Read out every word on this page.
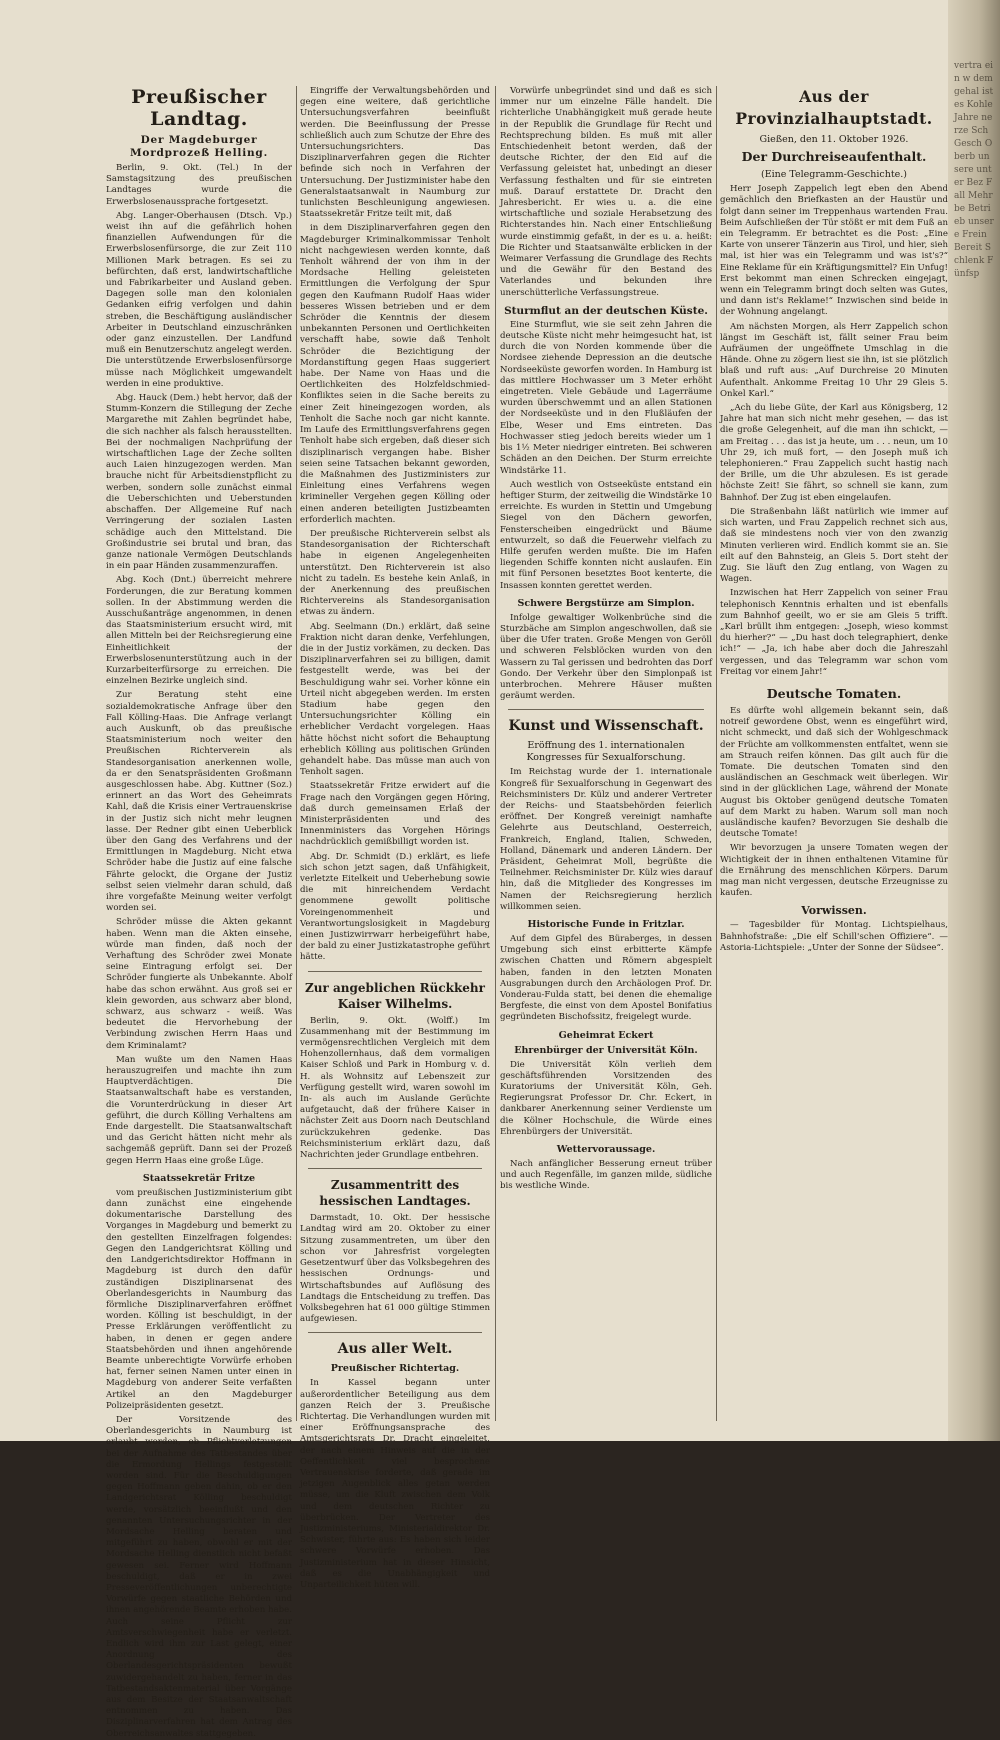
vertra ein w dem gehal ist es Kohle Jahre nerze Sch Gesch Oberb unsere unter Bez Fall Mehrbe Betrieb unsere Frein Bereit Schlenk Fünfsp
Preußischer Landtag.
Der Magdeburger Mordprozeß Helling.

Berlin, 9. Okt. (Tel.) In der Samstagsitzung des preußischen Landtages wurde die Erwerbslosenaussprache fortgesetzt.

Abg. Langer-Oberhausen (Dtsch. Vp.) weist ihn auf die gefährlich hohen finanziellen Aufwendungen für die Erwerbslosenfürsorge, die zur Zeit 110 Millionen Mark betragen. Es sei zu befürchten, daß erst, landwirtschaftliche und Fabrikarbeiter und Ausland geben. Dagegen solle man den kolonialen Gedanken eifrig verfolgen und dahin streben, die Beschäftigung ausländischer Arbeiter in Deutschland einzuschränken oder ganz einzustellen. Der Landfund muß ein Benutzerschutz angelegt werden. Die unterstützende Erwerbslosenfürsorge müsse nach Möglichkeit umgewandelt werden in eine produktive.

Abg. Hauck (Dem.) hebt hervor, daß der Stumm-Konzern die Stillegung der Zeche Margarethe mit Zahlen begründet habe, die sich nachher als falsch herausstellten. Bei der nochmaligen Nachprüfung der wirtschaftlichen Lage der Zeche sollten auch Laien hinzugezogen werden. Man brauche nicht für Arbeitsdienstpflicht zu werben, sondern solle zunächst einmal die Ueberschichten und Ueberstunden abschaffen. Der Allgemeine Ruf nach Verringerung der sozialen Lasten schädige auch den Mittelstand. Die Großindustrie sei brutal und bran, das ganze nationale Vermögen Deutschlands in ein paar Händen zusammenzuraffen.

Abg. Koch (Dnt.) überreicht mehrere Forderungen, die zur Beratung kommen sollen. In der Abstimmung werden die Ausschußanträge angenommen, in denen das Staatsministerium ersucht wird, mit allen Mitteln bei der Reichsregierung eine Einheitlichkeit der Erwerbslosenunterstützung auch in der Kurzarbeiterfürsorge zu erreichen. Die einzelnen Bezirke ungleich sind.

Zur Beratung steht eine sozialdemokratische Anfrage über den Fall Kölling-Haas. Die Anfrage verlangt auch Auskunft, ob das preußische Staatsministerium noch weiter den Preußischen Richterverein als Standesorganisation anerkennen wolle, da er den Senatspräsidenten Großmann ausgeschlossen habe. Abg. Kuttner (Soz.) erinnert an das Wort des Geheimrats Kahl, daß die Krisis einer Vertrauenskrise in der Justiz sich nicht mehr leugnen lasse. Der Redner gibt einen Ueberblick über den Gang des Verfahrens und der Ermittlungen in Magdeburg. Nicht etwa Schröder habe die Justiz auf eine falsche Fährte gelockt, die Organe der Justiz selbst seien vielmehr daran schuld, daß ihre vorgefaßte Meinung weiter verfolgt worden sei.

Schröder müsse die Akten gekannt haben. Wenn man die Akten einsehe, würde man finden, daß noch der Verhaftung des Schröder zwei Monate seine Eintragung erfolgt sei. Der Schröder fungierte als Unbekannte. Abolf habe das schon erwähnt. Aus groß sei er klein geworden, aus schwarz aber blond, schwarz, aus schwarz - weiß. Was bedeutet die Hervorhebung der Verbindung zwischen Herrn Haas und dem Kriminalamt?

Man wußte um den Namen Haas herauszugreifen und machte ihn zum Hauptverdächtigen. Die Staatsanwaltschaft habe es verstanden, die Vorunterdrückung in dieser Art geführt, die durch Kölling Verhaltens am Ende dargestellt. Die Staatsanwaltschaft und das Gericht hätten nicht mehr als sachgemäß geprüft. Dann sei der Prozeß gegen Herrn Haas eine große Lüge.

Staatssekretär Fritze

vom preußischen Justizministerium gibt dann zunächst eine eingehende dokumentarische Darstellung des Vorganges in Magdeburg und bemerkt zu den gestellten Einzelfragen folgendes: Gegen den Landgerichtsrat Kölling und den Landgerichtsdirektor Hoffmann in Magdeburg ist durch den dafür zuständigen Disziplinarsenat des Oberlandesgerichts in Naumburg das förmliche Disziplinarverfahren eröffnet worden. Kölling ist beschuldigt, in der Presse Erklärungen veröffentlicht zu haben, in denen er gegen andere Staatsbehörden und ihnen angehörende Beamte unberechtigte Vorwürfe erhoben hat, ferner seinen Namen unter einen in Magdeburg von anderer Seite verfaßten Artikel an den Magdeburger Polizeipräsidenten gesetzt.

Der Vorsitzende des Oberlandesgerichts in Naumburg ist erlaubt worden, ob Pflichtverletzungen bei der Aufnahme des Tatbestandes über die Ermordung Hellings festgestellt worden sind. Für die Beschuldigungen gegen Hoffmann geben dahin, ob er den Landgerichtsrat Kölling beschuldigt werde, vorsätzlich beeinflußt und den genannten Untersuchungsrichter in der Mordsache Helling beraten und mitgeführt zu haben, obwohl er mit der Mordsache Helling dienstlich nicht befaßt gewesen sei. Ferner wird Hoffmann beschuldigt, daß er in zwei Presseveröffentlichungen unberechtigte Vorwürfe gegen staatliche Behörden und ihnen angehörende Beamte erhoben habe. Auch seine Pflicht zur Amtsverschwiegenheit habe er verletzt. Endlich wird ihm zur Last gelegt, einer Anordnung des Oberlandesgerichtspräsidenten bewußt zuwidergehandelt zu haben, ferner in das Tatbestandsaktenmaterial über Vorgänge aus dem Besitze der Staatsanwaltschaft entnommen zu haben. Das Disziplinarverfahren hat dem Antrag des Oberreichsanwaltes stattgegeben.

Eingriffe der Verwaltungsbehörden und gegen eine weitere, daß gerichtliche Untersuchungsverfahren beeinflußt werden. Die Beeinflussung der Presse schließlich auch zum Schutze der Ehre des Untersuchungsrichters. Das Disziplinarverfahren gegen die Richter befinde sich noch in Verfahren der Untersuchung. Der Justizminister habe den Generalstaatsanwalt in Naumburg zur tunlichsten Beschleunigung angewiesen. Staatssekretär Fritze teilt mit, daß

in dem Disziplinarverfahren gegen den Magdeburger Kriminalkommissar Tenholt nicht nachgewiesen werden konnte, daß Tenholt während der von ihm in der Mordsache Helling geleisteten Ermittlungen die Verfolgung der Spur gegen den Kaufmann Rudolf Haas wider besseres Wissen betrieben und er dem Schröder die Kenntnis der diesem unbekannten Personen und Oertlichkeiten verschafft habe, sowie daß Tenholt Schröder die Bezichtigung der Mordanstiftung gegen Haas suggeriert habe. Der Name von Haas und die Oertlichkeiten des Holzfeldschmied-Konfliktes seien in die Sache bereits zu einer Zeit hineingezogen worden, als Tenholt die Sache noch gar nicht kannte. Im Laufe des Ermittlungsverfahrens gegen Tenholt habe sich ergeben, daß dieser sich disziplinarisch vergangen habe. Bisher seien seine Tatsachen bekannt geworden, die Maßnahmen des Justizministers zur Einleitung eines Verfahrens wegen krimineller Vergehen gegen Kölling oder einen anderen beteiligten Justizbeamten erforderlich machten.

Der preußische Richterverein selbst als Standesorganisation der Richterschaft habe in eigenen Angelegenheiten unterstützt. Den Richterverein ist also nicht zu tadeln. Es bestehe kein Anlaß, in der Anerkennung des preußischen Richtervereins als Standesorganisation etwas zu ändern.

Abg. Seelmann (Dn.) erklärt, daß seine Fraktion nicht daran denke, Verfehlungen, die in der Justiz vorkämen, zu decken. Das Disziplinarverfahren sei zu billigen, damit festgestellt werde, was bei der Beschuldigung wahr sei. Vorher könne ein Urteil nicht abgegeben werden. Im ersten Stadium habe gegen den Untersuchungsrichter Kölling ein erheblicher Verdacht vorgelegen. Haas hätte höchst nicht sofort die Behauptung erheblich Kölling aus politischen Gründen gehandelt habe. Das müsse man auch von Tenholt sagen.

Staatssekretär Fritze erwidert auf die Frage nach den Vorgängen gegen Höring, daß durch gemeinsamen Erlaß der Ministerpräsidenten und des Innenministers das Vorgehen Hörings nachdrücklich gemißbilligt worden ist.

Abg. Dr. Schmidt (D.) erklärt, es liefe sich schon jetzt sagen, daß Unfähigkeit, verletzte Eitelkeit und Ueberhebung sowie die mit hinreichendem Verdacht genommene gewollt politische Voreingenommenheit und Verantwortungslosigkeit in Magdeburg einen Justizwirrwarr herbeigeführt habe, der bald zu einer Justizkatastrophe geführt hätte.

Zur angeblichen Rückkehr Kaiser Wilhelms.

Berlin, 9. Okt. (Wolff.) Im Zusammenhang mit der Bestimmung im vermögensrechtlichen Vergleich mit dem Hohenzollernhaus, daß dem vormaligen Kaiser Schloß und Park in Homburg v. d. H. als Wohnsitz auf Lebenszeit zur Verfügung gestellt wird, waren sowohl im In- als auch im Auslande Gerüchte aufgetaucht, daß der frühere Kaiser in nächster Zeit aus Doorn nach Deutschland zurückzukehren gedenke. Das Reichsministerium erklärt dazu, daß Nachrichten jeder Grundlage entbehren.

Zusammentritt des hessischen Landtages.

Darmstadt, 10. Okt. Der hessische Landtag wird am 20. Oktober zu einer Sitzung zusammentreten, um über den schon vor Jahresfrist vorgelegten Gesetzentwurf über das Volksbegehren des hessischen Ordnungs- und Wirtschaftsbundes auf Auflösung des Landtags die Entscheidung zu treffen. Das Volksbegehren hat 61 000 gültige Stimmen aufgewiesen.

Aus aller Welt.
Preußischer Richtertag.

In Kassel begann unter außerordentlicher Beteiligung aus dem ganzen Reich der 3. Preußische Richtertag. Die Verhandlungen wurden mit einer Eröffnungsansprache des Amtsgerichtsrats Dr. Dracht eingeleitet, der nach einem Hinweis auf die in der Oeffentlichkeit viel besprochene Vertrauenskrise forderte, daß gerade im jetzigen Augenblick alles getan werden müsse, um die Kluft zwischen dem Volk und dem deutschen Richter zu überbrücken. Der Vertreter des Justizministeriums, Ministerialdirektor Dr. Schwister, führte aus: Es haben sich leider schwere Vorwürfe erhoben. Das Justizministerium hat in dieser Hinsicht, daß es die Unabhängigkeit und Unparteilichkeit hüten will.

Vorwürfe unbegründet sind und daß es sich immer nur um einzelne Fälle handelt. Die richterliche Unabhängigkeit muß gerade heute in der Republik die Grundlage für Recht und Rechtsprechung bilden. Es muß mit aller Entschiedenheit betont werden, daß der deutsche Richter, der den Eid auf die Verfassung geleistet hat, unbedingt an dieser Verfassung festhalten und für sie eintreten muß. Darauf erstattete Dr. Dracht den Jahresbericht. Er wies u. a. die eine wirtschaftliche und soziale Herabsetzung des Richterstandes hin. Nach einer Entschließung wurde einstimmig gefaßt, in der es u. a. heißt: Die Richter und Staatsanwälte erblicken in der Weimarer Verfassung die Grundlage des Rechts und die Gewähr für den Bestand des Vaterlandes und bekunden ihre unerschütterliche Verfassungstreue.

Sturmflut an der deutschen Küste.

Eine Sturmflut, wie sie seit zehn Jahren die deutsche Küste nicht mehr heimgesucht hat, ist durch die von Norden kommende über die Nordsee ziehende Depression an die deutsche Nordseeküste geworfen worden. In Hamburg ist das mittlere Hochwasser um 3 Meter erhöht eingetreten. Viele Gebäude und Lagerräume wurden überschwemmt und an allen Stationen der Nordseeküste und in den Flußläufen der Elbe, Weser und Ems eintreten. Das Hochwasser stieg jedoch bereits wieder um 1 bis 1½ Meter niedriger eintreten. Bei schweren Schäden an den Deichen. Der Sturm erreichte Windstärke 11.

Auch westlich von Ostseeküste entstand ein heftiger Sturm, der zeitweilig die Windstärke 10 erreichte. Es wurden in Stettin und Umgebung Siegel von den Dächern geworfen, Fensterscheiben eingedrückt und Bäume entwurzelt, so daß die Feuerwehr vielfach zu Hilfe gerufen werden mußte. Die im Hafen liegenden Schiffe konnten nicht auslaufen. Ein mit fünf Personen besetztes Boot kenterte, die Insassen konnten gerettet werden.

Schwere Bergstürze am Simplon.

Infolge gewaltiger Wolkenbrüche sind die Sturzbäche am Simplon angeschwollen, daß sie über die Ufer traten. Große Mengen von Geröll und schweren Felsblöcken wurden von den Wassern zu Tal gerissen und bedrohten das Dorf Gondo. Der Verkehr über den Simplonpaß ist unterbrochen. Mehrere Häuser mußten geräumt werden.

Kunst und Wissenschaft.
Eröffnung des 1. internationalen Kongresses für Sexualforschung.

Im Reichstag wurde der 1. internationale Kongreß für Sexualforschung in Gegenwart des Reichsministers Dr. Külz und anderer Vertreter der Reichs- und Staatsbehörden feierlich eröffnet. Der Kongreß vereinigt namhafte Gelehrte aus Deutschland, Oesterreich, Frankreich, England, Italien, Schweden, Holland, Dänemark und anderen Ländern. Der Präsident, Geheimrat Moll, begrüßte die Teilnehmer. Reichsminister Dr. Külz wies darauf hin, daß die Mitglieder des Kongresses im Namen der Reichsregierung herzlich willkommen seien.

Historische Funde in Fritzlar.

Auf dem Gipfel des Büraberges, in dessen Umgebung sich einst erbitterte Kämpfe zwischen Chatten und Römern abgespielt haben, fanden in den letzten Monaten Ausgrabungen durch den Archäologen Prof. Dr. Vonderau-Fulda statt, bei denen die ehemalige Bergfeste, die einst von dem Apostel Bonifatius gegründeten Bischofssitz, freigelegt wurde.

Geheimrat Eckert
Ehrenbürger der Universität Köln.

Die Universität Köln verlieh dem geschäftsführenden Vorsitzenden des Kuratoriums der Universität Köln, Geh. Regierungsrat Professor Dr. Chr. Eckert, in dankbarer Anerkennung seiner Verdienste um die Kölner Hochschule, die Würde eines Ehrenbürgers der Universität.

Wettervoraussage.

Nach anfänglicher Besserung erneut trüber und auch Regenfälle, im ganzen milde, südliche bis westliche Winde.

Aus der Provinzialhauptstadt.
Gießen, den 11. Oktober 1926.
Der Durchreiseaufenthalt.
(Eine Telegramm-Geschichte.)

Herr Joseph Zappelich legt eben den Abend gemächlich den Briefkasten an der Haustür und folgt dann seiner im Treppenhaus wartenden Frau. Beim Aufschließen der Tür stößt er mit dem Fuß an ein Telegramm. Er betrachtet es die Post: „Eine Karte von unserer Tänzerin aus Tirol, und hier, sieh mal, ist hier was ein Telegramm und was ist's?“ Eine Reklame für ein Kräftigungsmittel? Ein Unfug! Erst bekommt man einen Schrecken eingejagt, wenn ein Telegramm bringt doch selten was Gutes, und dann ist's Reklame!“ Inzwischen sind beide in der Wohnung angelangt.

Am nächsten Morgen, als Herr Zappelich schon längst im Geschäft ist, fällt seiner Frau beim Aufräumen der ungeöffnete Umschlag in die Hände. Ohne zu zögern liest sie ihn, ist sie plötzlich blaß und ruft aus: „Auf Durchreise 20 Minuten Aufenthalt. Ankomme Freitag 10 Uhr 29 Gleis 5. Onkel Karl.“

„Ach du liebe Güte, der Karl aus Königsberg, 12 Jahre hat man sich nicht mehr gesehen, — das ist die große Gelegenheit, auf die man ihn schickt, — am Freitag . . . das ist ja heute, um . . . neun, um 10 Uhr 29, ich muß fort, — den Joseph muß ich telephonieren.“ Frau Zappelich sucht hastig nach der Brille, um die Uhr abzulesen. Es ist gerade höchste Zeit! Sie fährt, so schnell sie kann, zum Bahnhof. Der Zug ist eben eingelaufen.

Die Straßenbahn läßt natürlich wie immer auf sich warten, und Frau Zappelich rechnet sich aus, daß sie mindestens noch vier von den zwanzig Minuten verlieren wird. Endlich kommt sie an. Sie eilt auf den Bahnsteig, an Gleis 5. Dort steht der Zug. Sie läuft den Zug entlang, von Wagen zu Wagen.

Inzwischen hat Herr Zappelich von seiner Frau telephonisch Kenntnis erhalten und ist ebenfalls zum Bahnhof geeilt, wo er sie am Gleis 5 trifft. „Karl brüllt ihm entgegen: „Joseph, wieso kommst du hierher?“ — „Du hast doch telegraphiert, denke ich!“ — „Ja, ich habe aber doch die Jahreszahl vergessen, und das Telegramm war schon vom Freitag vor einem Jahr!“

Deutsche Tomaten.

Es dürfte wohl allgemein bekannt sein, daß notreif gewordene Obst, wenn es eingeführt wird, nicht schmeckt, und daß sich der Wohlgeschmack der Früchte am vollkommensten entfaltet, wenn sie am Strauch reifen können. Das gilt auch für die Tomate. Die deutschen Tomaten sind den ausländischen an Geschmack weit überlegen. Wir sind in der glücklichen Lage, während der Monate August bis Oktober genügend deutsche Tomaten auf dem Markt zu haben. Warum soll man noch ausländische kaufen? Bevorzugen Sie deshalb die deutsche Tomate!

Wir bevorzugen ja unsere Tomaten wegen der Wichtigkeit der in ihnen enthaltenen Vitamine für die Ernährung des menschlichen Körpers. Darum mag man nicht vergessen, deutsche Erzeugnisse zu kaufen.

Vorwissen.

— Tagesbilder für Montag. Lichtspielhaus, Bahnhofstraße: „Die elf Schill'schen Offiziere“. — Astoria-Lichtspiele: „Unter der Sonne der Südsee“.
